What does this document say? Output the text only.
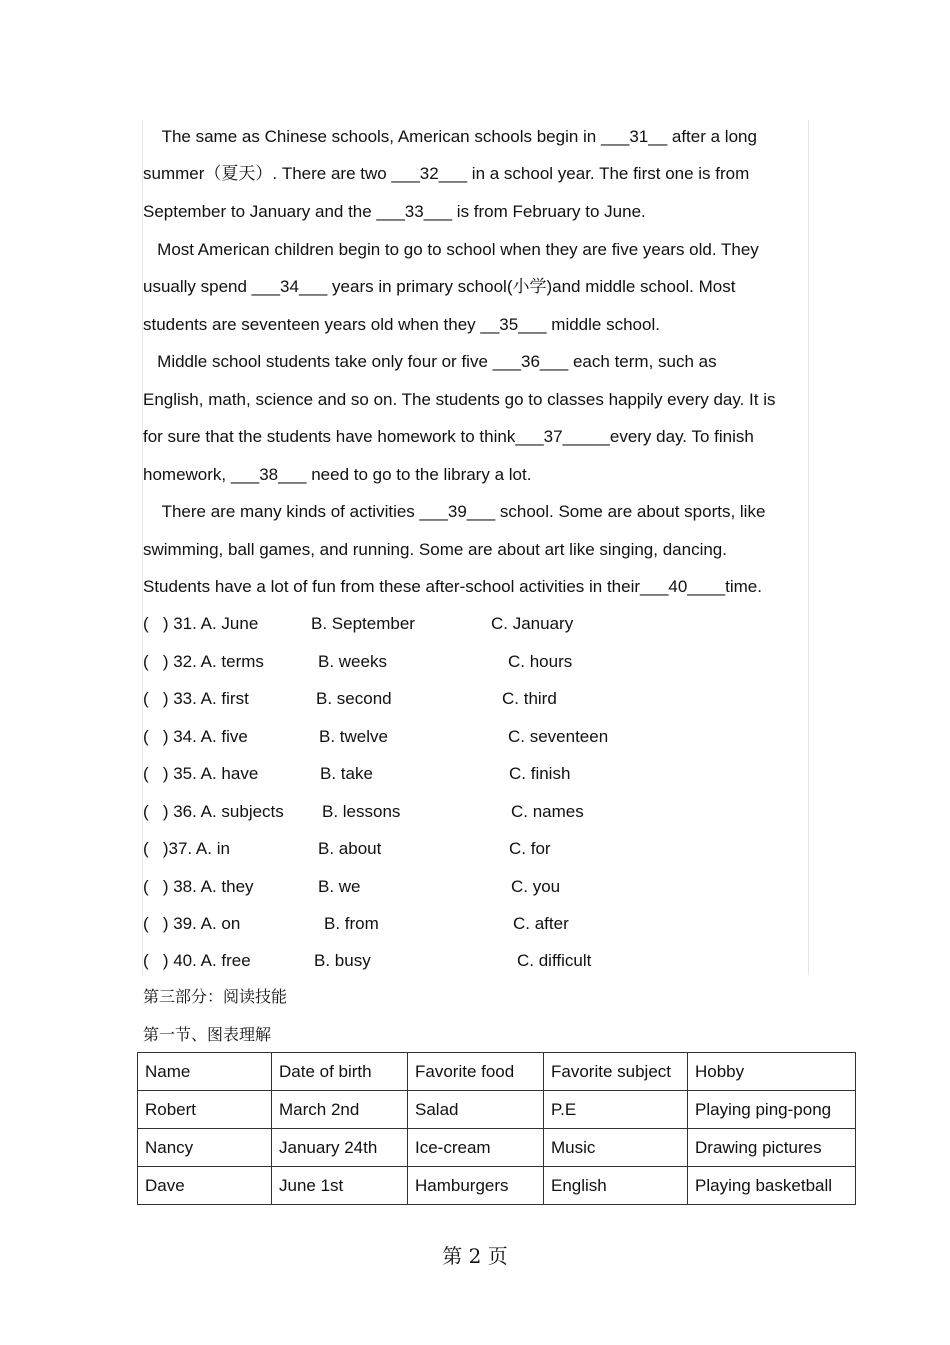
The same as Chinese schools, American schools begin in ___31__ after a long
summer（夏天）. There are two ___32___ in a school year. The first one is from
September to January and the ___33___ is from February to June.
Most American children begin to go to school when they are five years old. They
usually spend ___34___ years in primary school(小学)and middle school. Most
students are seventeen years old when they __35___ middle school.
Middle school students take only four or five ___36___ each term, such as
English, math, science and so on. The students go to classes happily every day. It is
for sure that the students have homework to think___37_____every day. To finish
homework, ___38___ need to go to the library a lot.
There are many kinds of activities ___39___ school. Some are about sports, like
swimming, ball games, and running. Some are about art like singing, dancing.
Students have a lot of fun from these after-school activities in their___40____time.
(   ) 31. A. June	B. September	C. January
(   ) 32. A. terms	B. weeks	C. hours
(   ) 33. A. first	B. second	C. third
(   ) 34. A. five	B. twelve	C. seventeen
(   ) 35. A. have	B. take	C. finish
(   ) 36. A. subjects B. lessons	C. names
(   )37. A. in	B. about	C. for
(   ) 38. A. they	B. we	C. you
(   ) 39. A. on	B. from	C. after
(   ) 40. A. free	B. busy	C. difficult
第三部分：阅读技能
第一节、图表理解
Name	Date of birth	Favorite food	Favorite subject	Hobby
Robert	March 2nd	Salad	P.E	Playing ping-pong
Nancy	January 24th	Ice-cream	Music	Drawing pictures
Dave	June 1st	Hamburgers	English	Playing basketball
第 2 页
